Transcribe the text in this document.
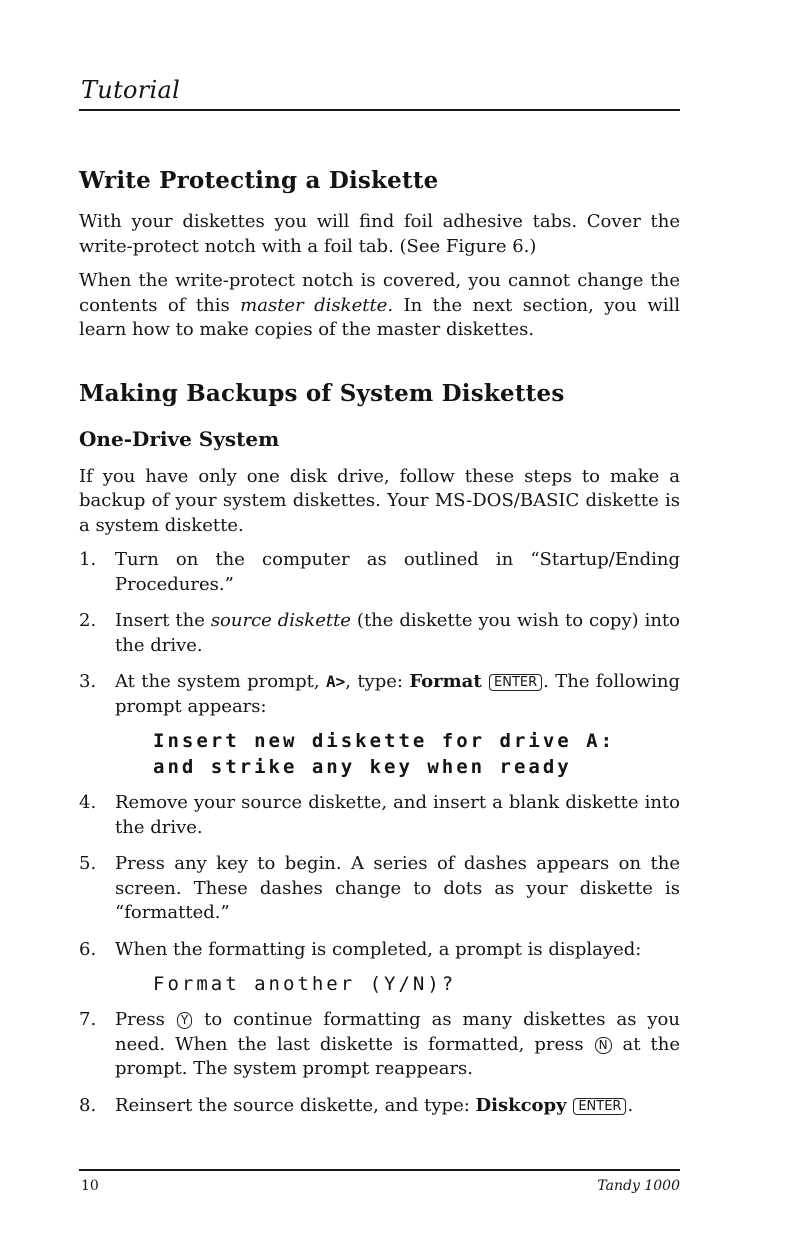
Tutorial
Write Protecting a Diskette

With your diskettes you will find foil adhesive tabs. Cover the write-protect notch with a foil tab. (See Figure 6.)

When the write-protect notch is covered, you cannot change the contents of this master diskette. In the next section, you will learn how to make copies of the master diskettes.

Making Backups of System Diskettes
One-Drive System

If you have only one disk drive, follow these steps to make a backup of your system diskettes. Your MS-DOS/BASIC diskette is a system diskette.

1. Turn on the computer as outlined in “Startup/Ending Procedures.”
2. Insert the source diskette (the diskette you wish to copy) into the drive.
3. At the system prompt, A>, type: Format ENTER . The following prompt appears:
Insert new diskette for drive A:
and strike any key when ready
4. Remove your source diskette, and insert a blank diskette into the drive.
5. Press any key to begin. A series of dashes appears on the screen. These dashes change to dots as your diskette is “formatted.”
6. When the formatting is completed, a prompt is displayed:
Format another (Y/N)?
7. Press Y to continue formatting as many diskettes as you need. When the last diskette is formatted, press N at the prompt. The system prompt reappears.
8. Reinsert the source diskette, and type: Diskcopy ENTER .
10	Tandy 1000
